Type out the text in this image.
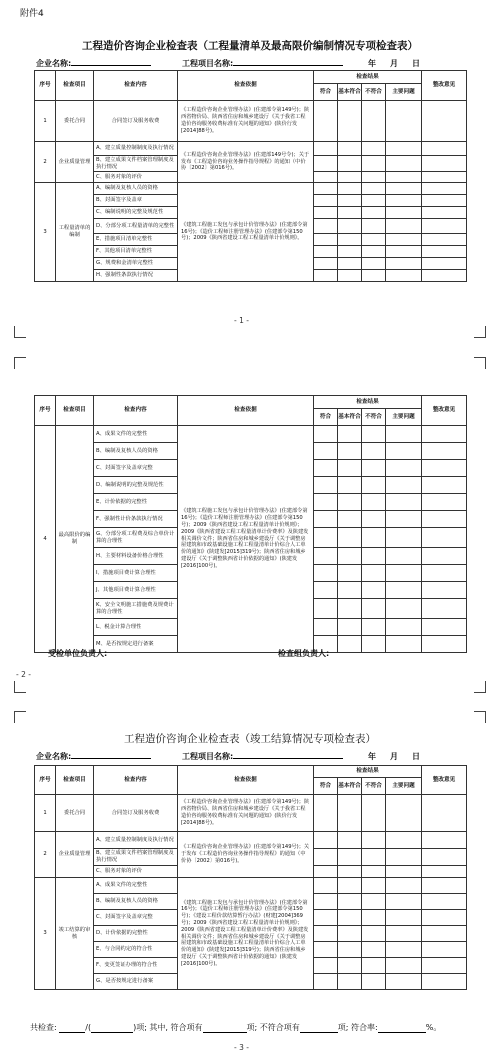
附件4
工程造价咨询企业检查表（工程量清单及最高限价编制情况专项检查表）
企业名称:	工程项目名称:	年 月 日
序号	检查项目	检查内容	检查依据	检查结果				整改意见
				符合	基本符合	不符合	主要问题	
1	委托合同	合同签订及服务收费	《工程造价咨询企业管理办法》(住建部令第149号)；陕西省物价局、陕西省住房和城乡建设厅《关于我省工程造价咨询服务收费标准有关问题的通知》(陕价行发[2014]88号)。					
2	企业质量管理	A、建立质量控制制度及执行情况	《工程造价咨询企业管理办法》(住建部149号令)；关于发布《工程造价咨询业务操作指导规程》的通知（中价协〔2002〕第016号)。					
		B、建立成果文件档案管理制度及执行情况						
		C、服务对象的评价						
3	工程量清单的编制	A、编制及复核人员的资格	《建筑工程施工发包与承包计价管理办法》(住建部令第16号)；《造价工程师注册管理办法》(住建部令第150号)；2009《陕西省建设工程工程量清单计价规则》。					
		B、封面签字及盖章						
		C、编制说明的完整及规范性						
		D、分部分项工程量清单的完整性						
		E、措施项目清单完整性						
		F、其他项目清单完整性						
		G、规费和金清单完整性						
		H、强制性条款执行情况						
- 1 -
序号	检查项目	检查内容	检查依据	检查结果				整改意见
				符合	基本符合	不符合	主要问题	
4	最高限价的编制	A、成果文件的完整性	《建筑工程施工发包与承包计价管理办法》(住建部令第16号)；《造价工程师注册管理办法》(住建部令第150号)；2009《陕西省建设工程工程量清单计价规则》；2009《陕西省建设工程工程量清单计价费率》及陕建发相关调价文件；陕西省住房和城乡建设厅《关于调整房屋建筑和市政基础设施工程工程量清单计价综合人工单价的通知》(陕建发[2015]319号)；陕西省住房和城乡建设厅《关于调整陕西省计价依据的通知》(陕建发[2016]100号)。					
		B、编制及复核人员的资格						
		C、封面签字及盖章完整						
		D、编制说明的完整及规范性						
		E、计价依据的完整性						
		F、强制性计价条款执行情况						
		G、分部分项工程费及综合单价计算的合理性						
		H、主要材料设备价格合理性						
		I、措施项目费计算合理性						
		J、其他项目费计算合理性						
		K、安全文明施工措施费及规费计算的合理性						
		L、税金计算合理性						
		M、是否按规定进行备案						
受检单位负责人:	检查组负责人:
- 2 -
工程造价咨询企业检查表（竣工结算情况专项检查表）
企业名称:	工程项目名称:	年 月 日
序号	检查项目	检查内容	检查依据	检查结果				整改意见
				符合	基本符合	不符合	主要问题	
1	委托合同	合同签订及服务收费	《工程造价咨询企业管理办法》(住建部令第149号)；陕西省物价局、陕西省住房和城乡建设厅《关于我省工程造价咨询服务收费标准有关问题的通知》(陕价行发[2014]88号)。					
2	企业质量管理	A、建立质量控制制度及执行情况	《工程造价咨询企业管理办法》(住建部令第149号)；关于发布《工程造价咨询业务操作指导规程》的通知（中价协〔2002〕第016号)。					
		B、建立成果文件档案管理制度及执行情况						
		C、服务对象的评价						
3	竣工结算的审核	A、成果文件的完整性	《建筑工程施工发包与承包计价管理办法》(住建部令第16号)；《造价工程师注册管理办法》(住建部令第150号)；《建设工程价款结算暂行办法》(财建[2004]369号)；2009《陕西省建设工程工程量清单计价规则》；2009《陕西省建设工程工程量清单计价费率》及陕建发相关调价文件；陕西省住房和城乡建设厅《关于调整房屋建筑和市政基础设施工程工程量清单计价综合人工单价的通知》(陕建发[2015]319号)；陕西省住房和城乡建设厅《关于调整陕西省计价依据的通知》(陕建发[2016]100号)。					
		B、编制及复核人员的资格						
		C、封面签字及盖章完整						
		D、计价依据的完整性						
		E、与合同约定的符合性						
		F、变更签证办理的符合性						
		G、是否按规定进行备案						
- 3 -
共检查:	/(	)项; 其中, 符合项有	项; 不符合项有	项; 符合率:	%。
